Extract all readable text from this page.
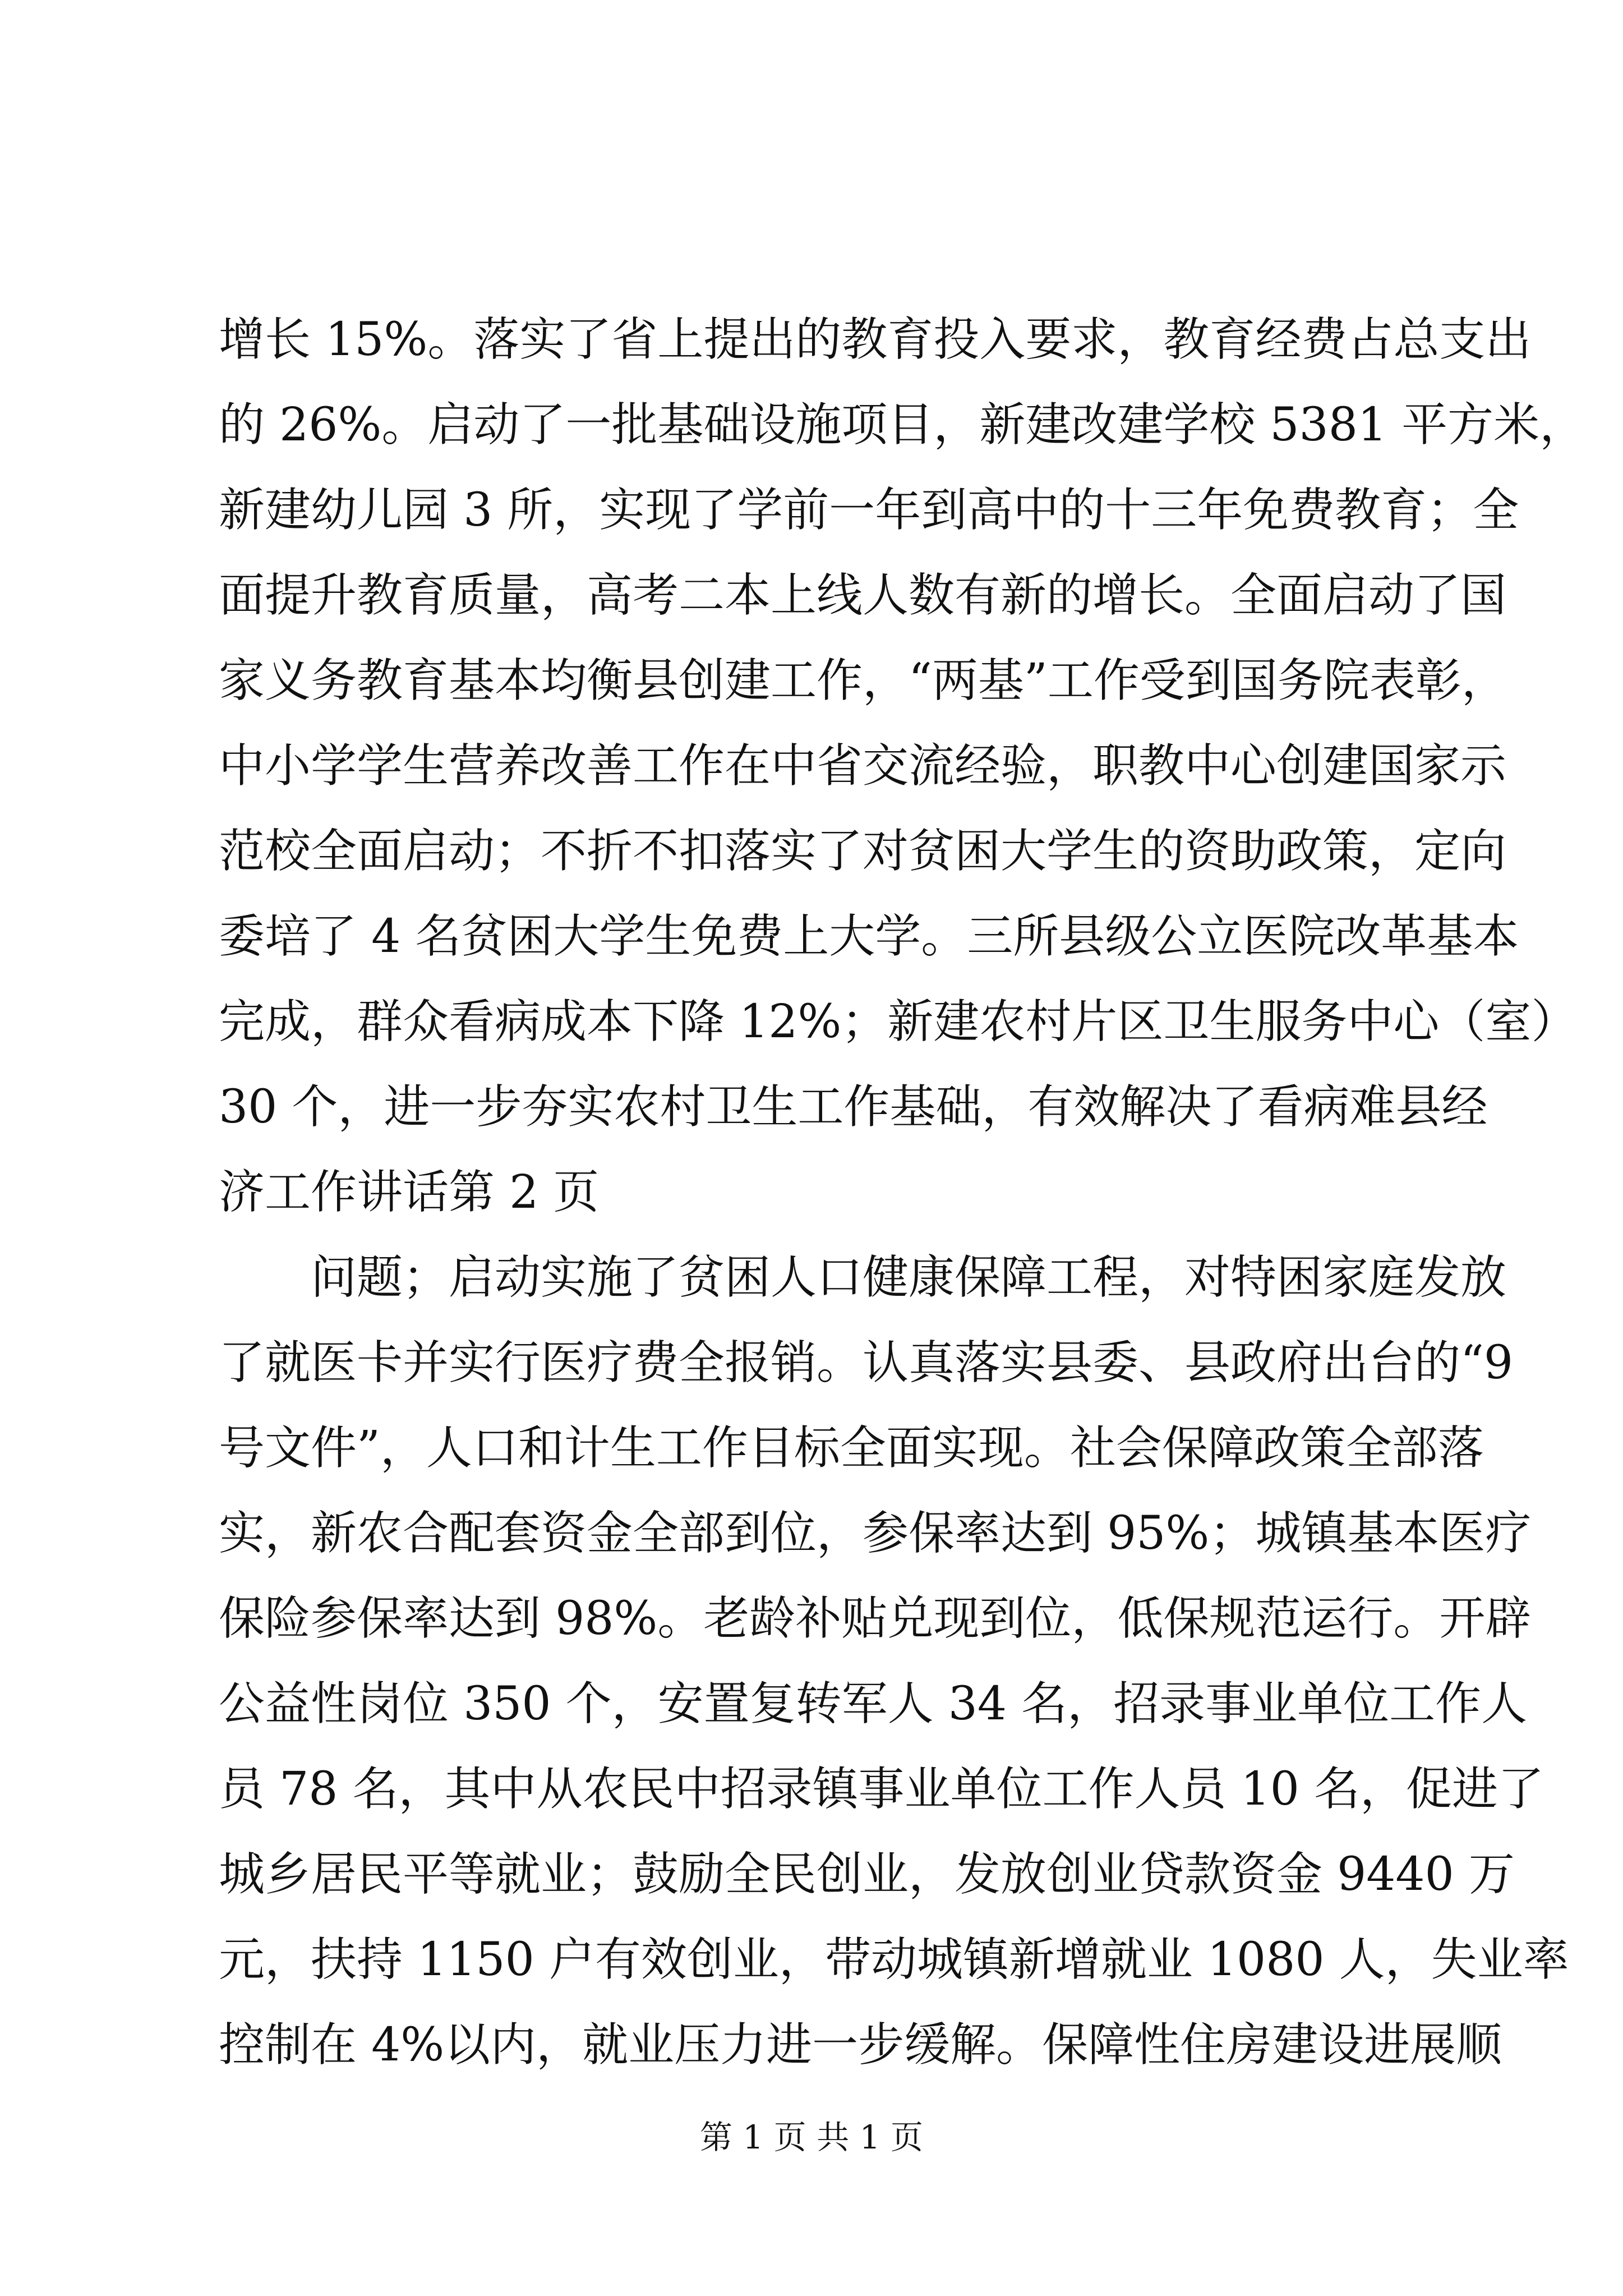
增长 15%。落实了省上提出的教育投入要求，教育经费占总支出
的 26%。启动了一批基础设施项目，新建改建学校 5381 平方米，
新建幼儿园 3 所，实现了学前一年到高中的十三年免费教育；全
面提升教育质量，高考二本上线人数有新的增长。全面启动了国
家义务教育基本均衡县创建工作，“两基”工作受到国务院表彰，
中小学学生营养改善工作在中省交流经验，职教中心创建国家示
范校全面启动；不折不扣落实了对贫困大学生的资助政策，定向
委培了 4 名贫困大学生免费上大学。三所县级公立医院改革基本
完成，群众看病成本下降 12%；新建农村片区卫生服务中心（室）
30 个，进一步夯实农村卫生工作基础，有效解决了看病难县经
济工作讲话第 2 页
问题；启动实施了贫困人口健康保障工程，对特困家庭发放
了就医卡并实行医疗费全报销。认真落实县委、县政府出台的“9
号文件”，人口和计生工作目标全面实现。社会保障政策全部落
实，新农合配套资金全部到位，参保率达到 95%；城镇基本医疗
保险参保率达到 98%。老龄补贴兑现到位，低保规范运行。开辟
公益性岗位 350 个，安置复转军人 34 名，招录事业单位工作人
员 78 名，其中从农民中招录镇事业单位工作人员 10 名，促进了
城乡居民平等就业；鼓励全民创业，发放创业贷款资金 9440 万
元，扶持 1150 户有效创业，带动城镇新增就业 1080 人，失业率
控制在 4%以内，就业压力进一步缓解。保障性住房建设进展顺
第 1 页 共 1 页
